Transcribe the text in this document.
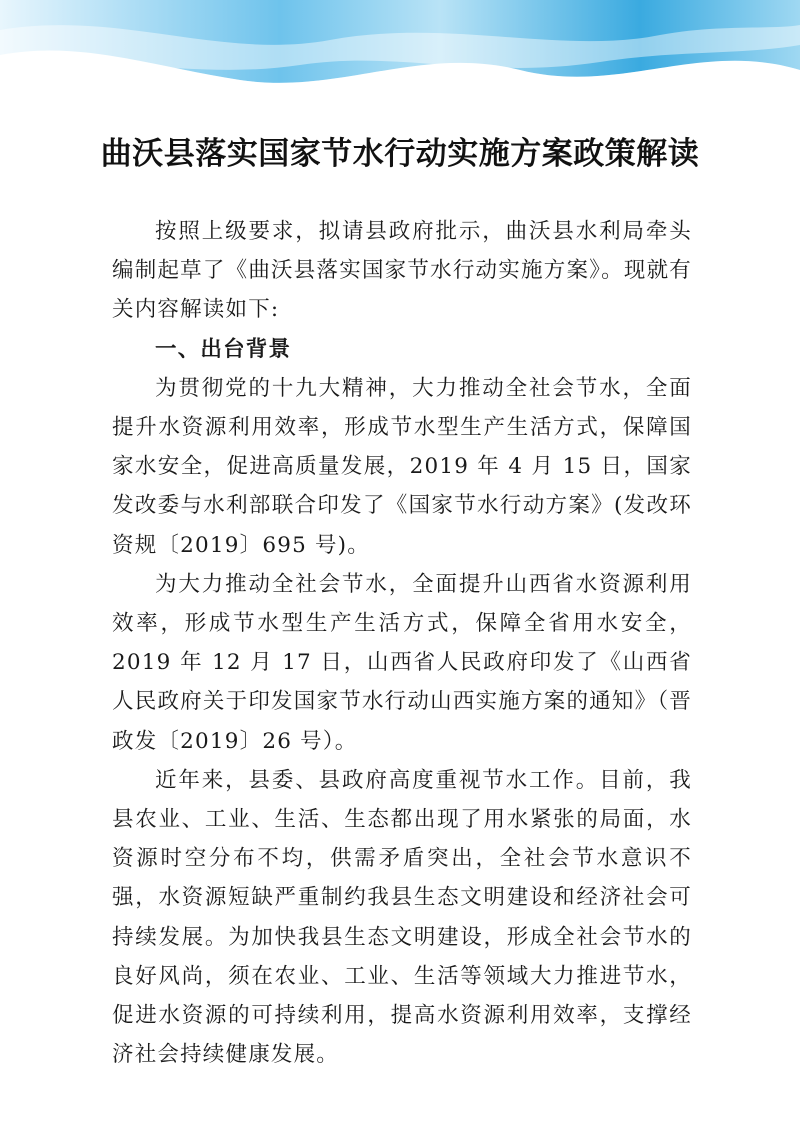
曲沃县落实国家节水行动实施方案政策解读

按照上级要求，拟请县政府批示，曲沃县水利局牵头编制起草了《曲沃县落实国家节水行动实施方案》。现就有关内容解读如下:

一、出台背景

为贯彻党的十九大精神，大力推动全社会节水，全面提升水资源利用效率，形成节水型生产生活方式，保障国家水安全，促进高质量发展，2019 年 4 月 15 日，国家发改委与水利部联合印发了《国家节水行动方案》(发改环资规〔2019〕695 号)。

为大力推动全社会节水，全面提升山西省水资源利用效率，形成节水型生产生活方式，保障全省用水安全，2019 年 12 月 17 日，山西省人民政府印发了《山西省人民政府关于印发国家节水行动山西实施方案的通知》（晋政发〔2019〕26 号）。

近年来，县委、县政府高度重视节水工作。目前，我县农业、工业、生活、生态都出现了用水紧张的局面，水资源时空分布不均，供需矛盾突出，全社会节水意识不强，水资源短缺严重制约我县生态文明建设和经济社会可持续发展。为加快我县生态文明建设，形成全社会节水的良好风尚，须在农业、工业、生活等领域大力推进节水，促进水资源的可持续利用，提高水资源利用效率，支撑经济社会持续健康发展。
